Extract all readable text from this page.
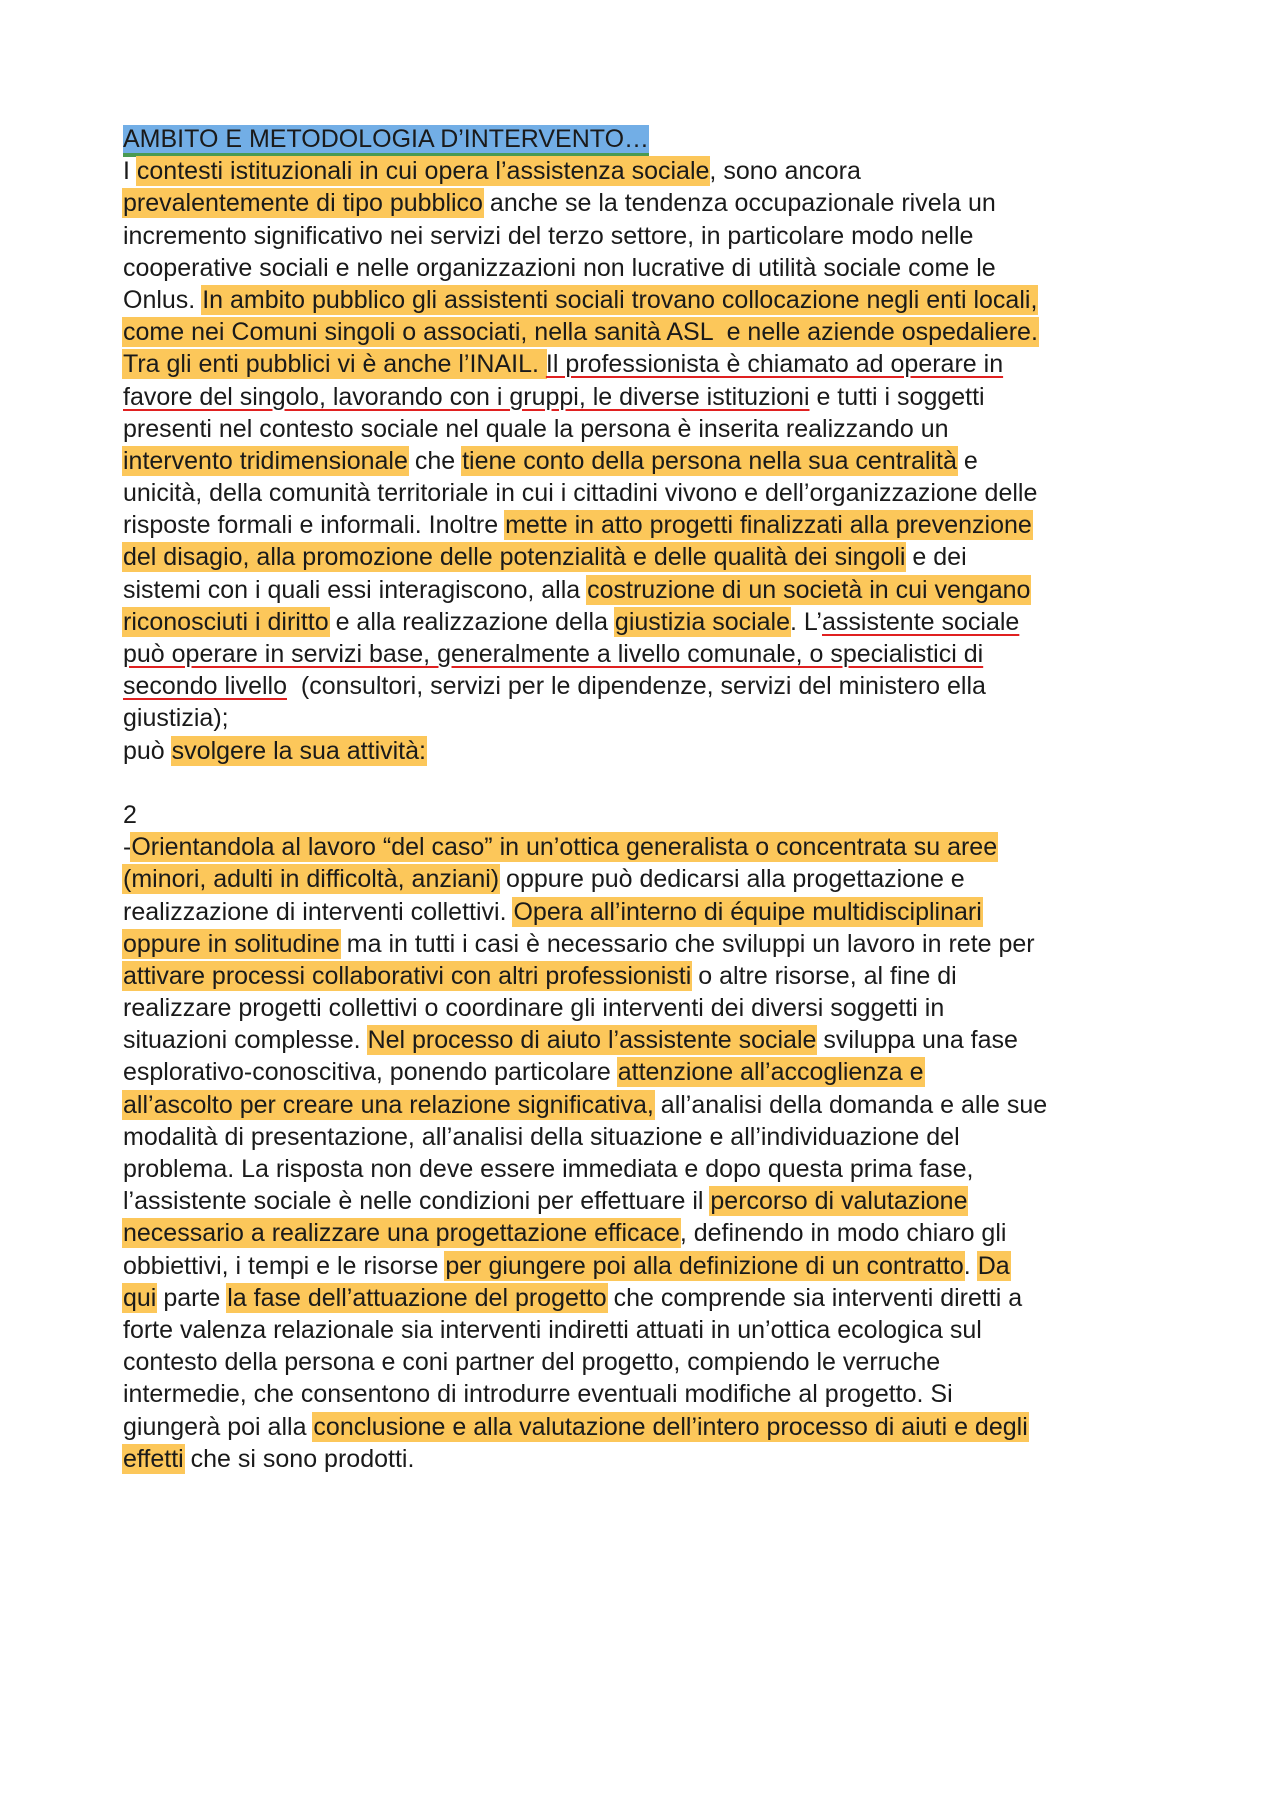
AMBITO E METODOLOGIA D’INTERVENTO…
I contesti istituzionali in cui opera l’assistenza sociale, sono ancora
prevalentemente di tipo pubblico anche se la tendenza occupazionale rivela un
incremento significativo nei servizi del terzo settore, in particolare modo nelle
cooperative sociali e nelle organizzazioni non lucrative di utilità sociale come le
Onlus. In ambito pubblico gli assistenti sociali trovano collocazione negli enti locali,
come nei Comuni singoli o associati, nella sanità ASL  e nelle aziende ospedaliere.
Tra gli enti pubblici vi è anche l’INAIL. Il professionista è chiamato ad operare in
favore del singolo, lavorando con i gruppi, le diverse istituzioni e tutti i soggetti
presenti nel contesto sociale nel quale la persona è inserita realizzando un
intervento tridimensionale che tiene conto della persona nella sua centralità e
unicità, della comunità territoriale in cui i cittadini vivono e dell’organizzazione delle
risposte formali e informali. Inoltre mette in atto progetti finalizzati alla prevenzione
del disagio, alla promozione delle potenzialità e delle qualità dei singoli e dei
sistemi con i quali essi interagiscono, alla costruzione di un società in cui vengano
riconosciuti i diritto e alla realizzazione della giustizia sociale. L’assistente sociale
può operare in servizi base, generalmente a livello comunale, o specialistici di
secondo livello  (consultori, servizi per le dipendenze, servizi del ministero ella
giustizia);
può svolgere la sua attività:
2
-Orientandola al lavoro “del caso” in un’ottica generalista o concentrata su aree
(minori, adulti in difficoltà, anziani) oppure può dedicarsi alla progettazione e
realizzazione di interventi collettivi. Opera all’interno di équipe multidisciplinari
oppure in solitudine ma in tutti i casi è necessario che sviluppi un lavoro in rete per
attivare processi collaborativi con altri professionisti o altre risorse, al fine di
realizzare progetti collettivi o coordinare gli interventi dei diversi soggetti in
situazioni complesse. Nel processo di aiuto l’assistente sociale sviluppa una fase
esplorativo-conoscitiva, ponendo particolare attenzione all’accoglienza e
all’ascolto per creare una relazione significativa, all’analisi della domanda e alle sue
modalità di presentazione, all’analisi della situazione e all’individuazione del
problema. La risposta non deve essere immediata e dopo questa prima fase,
l’assistente sociale è nelle condizioni per effettuare il percorso di valutazione
necessario a realizzare una progettazione efficace, definendo in modo chiaro gli
obbiettivi, i tempi e le risorse per giungere poi alla definizione di un contratto. Da
qui parte la fase dell’attuazione del progetto che comprende sia interventi diretti a
forte valenza relazionale sia interventi indiretti attuati in un’ottica ecologica sul
contesto della persona e coni partner del progetto, compiendo le verruche
intermedie, che consentono di introdurre eventuali modifiche al progetto. Si
giungerà poi alla conclusione e alla valutazione dell’intero processo di aiuti e degli
effetti che si sono prodotti.
